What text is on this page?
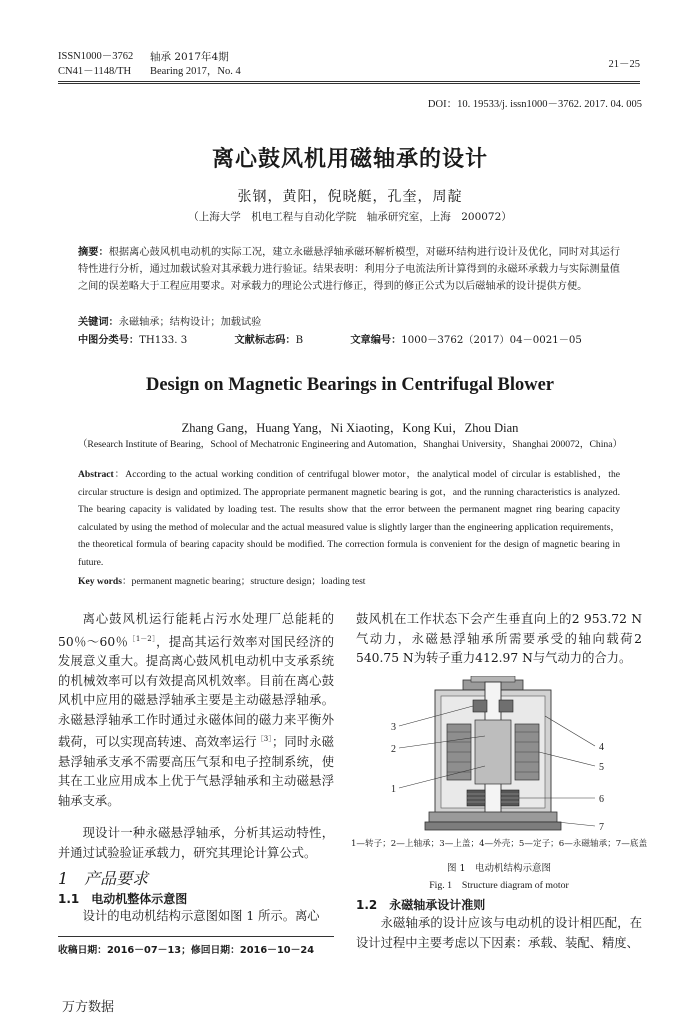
ISSN1000－3762
CN41－1148/TH
轴承 2017年4期
Bearing 2017，No. 4
21－25
DOI：10. 19533/j. issn1000－3762. 2017. 04. 005
离心鼓风机用磁轴承的设计
张钢，黄阳，倪晓艇，孔奎，周靛
（上海大学　机电工程与自动化学院　轴承研究室，上海　200072）
摘要：根据离心鼓风机电动机的实际工况，建立永磁悬浮轴承磁环解析模型，对磁环结构进行设计及优化，同时对其运行特性进行分析，通过加载试验对其承载力进行验证。结果表明：利用分子电流法所计算得到的永磁环承载力与实际测量值之间的误差略大于工程应用要求。对承载力的理论公式进行修正，得到的修正公式为以后磁轴承的设计提供方便。
关键词：永磁轴承；结构设计；加载试验
中图分类号：TH133. 3	文献标志码：B	文章编号：1000－3762（2017）04－0021－05
Design on Magnetic Bearings in Centrifugal Blower
Zhang Gang，Huang Yang，Ni Xiaoting，Kong Kui，Zhou Dian
（Research Institute of Bearing，School of Mechatronic Engineering and Automation，Shanghai University，Shanghai 200072，China）
Abstract：According to the actual working condition of centrifugal blower motor，the analytical model of circular is established，the circular structure is design and optimized. The appropriate permanent magnetic bearing is got，and the running characteristics is analyzed. The bearing capacity is validated by loading test. The results show that the error between the permanent magnet ring bearing capacity calculated by using the method of molecular and the actual measured value is slightly larger than the engineering application requirements，the theoretical formula of bearing capacity should be modified. The correction formula is convenient for the design of magnetic bearing in future.
Key words：permanent magnetic bearing；structure design；loading test
离心鼓风机运行能耗占污水处理厂总能耗的50％～60％$^{[1-2]}$，提高其运行效率对国民经济的发展意义重大。提高离心鼓风机电动机中支承系统的机械效率可以有效提高风机效率。目前在离心鼓风机中应用的磁悬浮轴承主要是主动磁悬浮轴承。永磁悬浮轴承工作时通过永磁体间的磁力来平衡外载荷，可以实现高转速、高效率运行$^{[3]}$；同时永磁悬浮轴承支承不需要高压气泵和电子控制系统，使其在工业应用成本上优于气悬浮轴承和主动磁悬浮轴承支承。
现设计一种永磁悬浮轴承，分析其运动特性，并通过试验验证承载力，研究其理论计算公式。
1　产品要求
1.1　电动机整体示意图
设计的电动机结构示意图如图 1 所示。离心
收稿日期：2016－07－13；修回日期：2016－10－24
鼓风机在工作状态下会产生垂直向上的2 953.72 N气动力，永磁悬浮轴承所需要承受的轴向载荷2 540.75 N为转子重力412.97 N与气动力的合力。
1
2
3
4
5
6
7
1—转子；2—上轴承；3—上盖；4—外壳；5—定子；6—永磁轴承；7—底盖
图 1　电动机结构示意图
Fig. 1　Structure diagram of motor
1.2　永磁轴承设计准则
永磁轴承的设计应该与电动机的设计相匹配，在设计过程中主要考虑以下因素：承载、装配、精度、
万方数据
